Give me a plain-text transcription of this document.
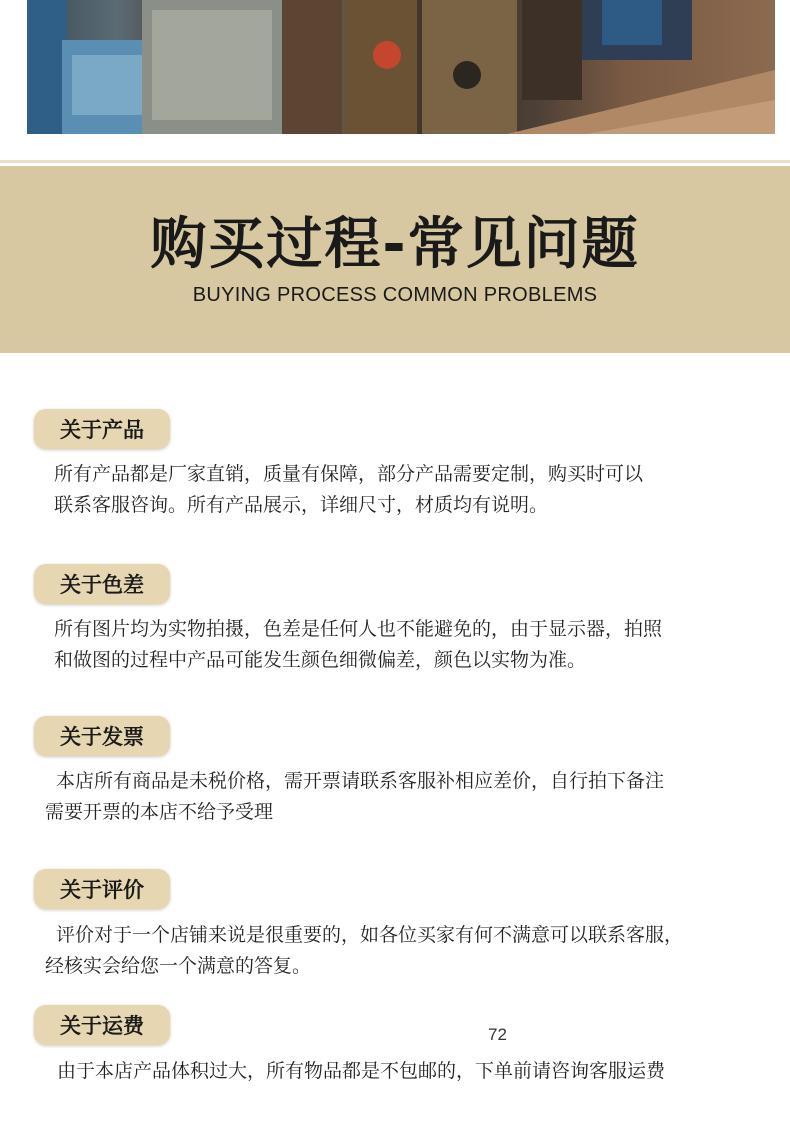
购买过程-常见问题
BUYING PROCESS COMMON PROBLEMS
关于产品
所有产品都是厂家直销，质量有保障，部分产品需要定制，购买时可以
联系客服咨询。所有产品展示，详细尺寸，材质均有说明。
关于色差
所有图片均为实物拍摄，色差是任何人也不能避免的，由于显示器，拍照
和做图的过程中产品可能发生颜色细微偏差，颜色以实物为准。
关于发票
本店所有商品是未税价格，需开票请联系客服补相应差价，自行拍下备注
需要开票的本店不给予受理
关于评价
评价对于一个店铺来说是很重要的，如各位买家有何不满意可以联系客服，
经核实会给您一个满意的答复。
关于运费	72
由于本店产品体积过大，所有物品都是不包邮的，下单前请咨询客服运费
